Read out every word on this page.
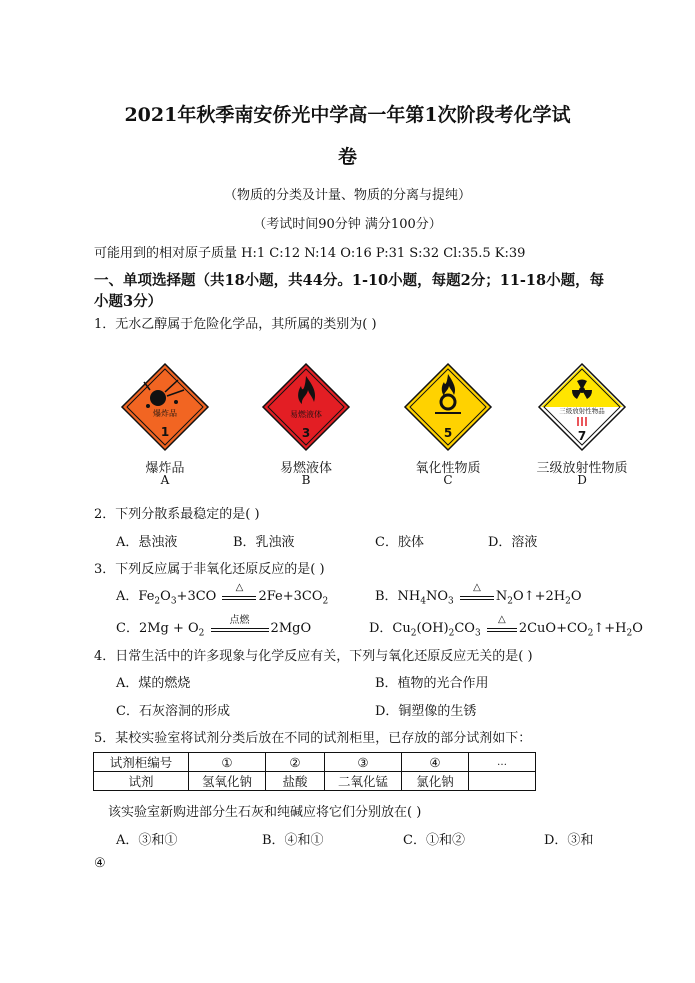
2021年秋季南安侨光中学高一年第1次阶段考化学试
卷
（物质的分类及计量、物质的分离与提纯）
（考试时间90分钟 满分100分）
可能用到的相对原子质量 H:1 C:12 N:14 O:16 P:31 S:32 Cl:35.5 K:39
一、单项选择题（共18小题，共44分。1-10小题，每题2分；11-18小题，每小题3分）
1．无水乙醇属于危险化学品，其所属的类别为( )
爆炸品
1
易燃液体
3	5
三级放射性物品
7
爆炸品
A
易燃液体
B
氧化性物质
C
三级放射性物质
D
2．下列分散系最稳定的是( )
A．悬浊液	B．乳浊液	C．胶体	D．溶液
3．下列反应属于非氧化还原反应的是( )
A．$Fe_2O_3+3CO$
△
$2Fe+3CO_2$	B．$NH_4NO_3$
△
$N_2O↑+2H_2O$
C．$2Mg + O_2$
点燃
2MgO	D．$Cu_2(OH)_2CO_3$
△
$2CuO+CO_2↑+H_2O$
4．日常生活中的许多现象与化学反应有关，下列与氧化还原反应无关的是( )
A．煤的燃烧	B．植物的光合作用
C．石灰溶洞的形成	D．铜塑像的生锈
5．某校实验室将试剂分类后放在不同的试剂柜里，已存放的部分试剂如下：
试剂柜编号	①	②	③	④	…
试剂	氢氧化钠	盐酸	二氧化锰	氯化钠	
该实验室新购进部分生石灰和纯碱应将它们分别放在( )
A．③和①	B．④和①	C．①和②	D．③和
④
